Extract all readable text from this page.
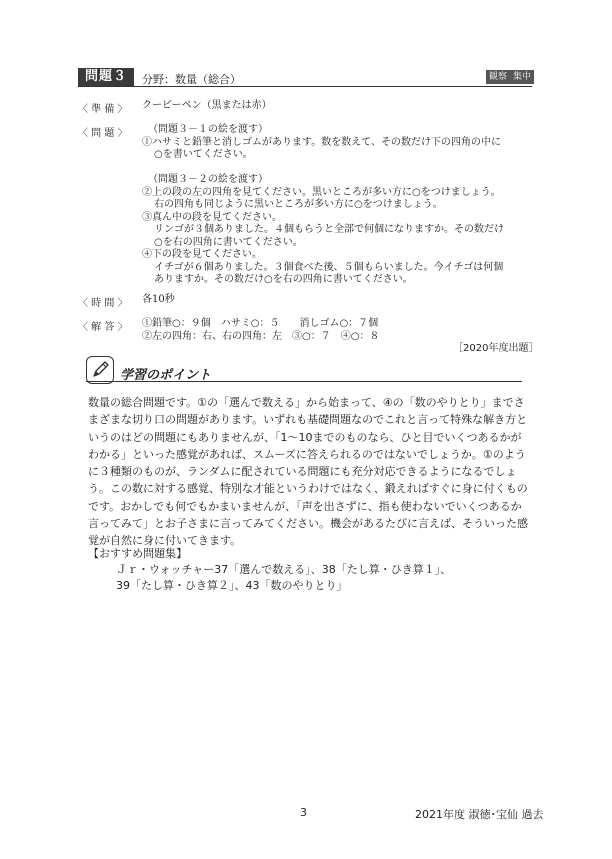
問題３	分野：数量（総合）	観察 集中
〈 準 備 〉 クーピーペン（黒または赤）
〈 問 題 〉 （問題３－１の絵を渡す）
①ハサミと鉛筆と消しゴムがあります。数を数えて、その数だけ下の四角の中に
○を書いてください。
（問題３－２の絵を渡す）
②上の段の左の四角を見てください。黒いところが多い方に○をつけましょう。
右の四角も同じように黒いところが多い方に○をつけましょう。
③真ん中の段を見てください。
リンゴが３個ありました。４個もらうと全部で何個になりますか。その数だけ
○を右の四角に書いてください。
④下の段を見てください。
イチゴが６個ありました。３個食べた後、５個もらいました。今イチゴは何個
ありますか。その数だけ○を右の四角に書いてください。
〈 時 間 〉 各10秒
〈 解 答 〉 ①鉛筆○：９個　ハサミ○：５　　消しゴム○：７個
②左の四角：右、右の四角：左　③○：７　④○：８
［2020年度出題］
学習のポイント
数量の総合問題です。①の「選んで数える」から始まって、④の「数のやりとり」までさ
まざまな切り口の問題があります。いずれも基礎問題なのでこれと言って特殊な解き方と
いうのはどの問題にもありませんが、「1～10までのものなら、ひと目でいくつあるかが
わかる」といった感覚があれば、スムーズに答えられるのではないでしょうか。①のよう
に３種類のものが、ランダムに配されている問題にも充分対応できるようになるでしょ
う。この数に対する感覚、特別な才能というわけではなく、鍛えればすぐに身に付くもの
です。おかしでも何でもかまいませんが、「声を出さずに、指も使わないでいくつあるか
言ってみて」とお子さまに言ってみてください。機会があるたびに言えば、そういった感
覚が自然に身に付いてきます。
【おすすめ問題集】
Ｊｒ・ウォッチャー37「選んで数える」、38「たし算・ひき算１」、
39「たし算・ひき算２」、43「数のやりとり」
3	2021年度 淑徳･宝仙 過去
